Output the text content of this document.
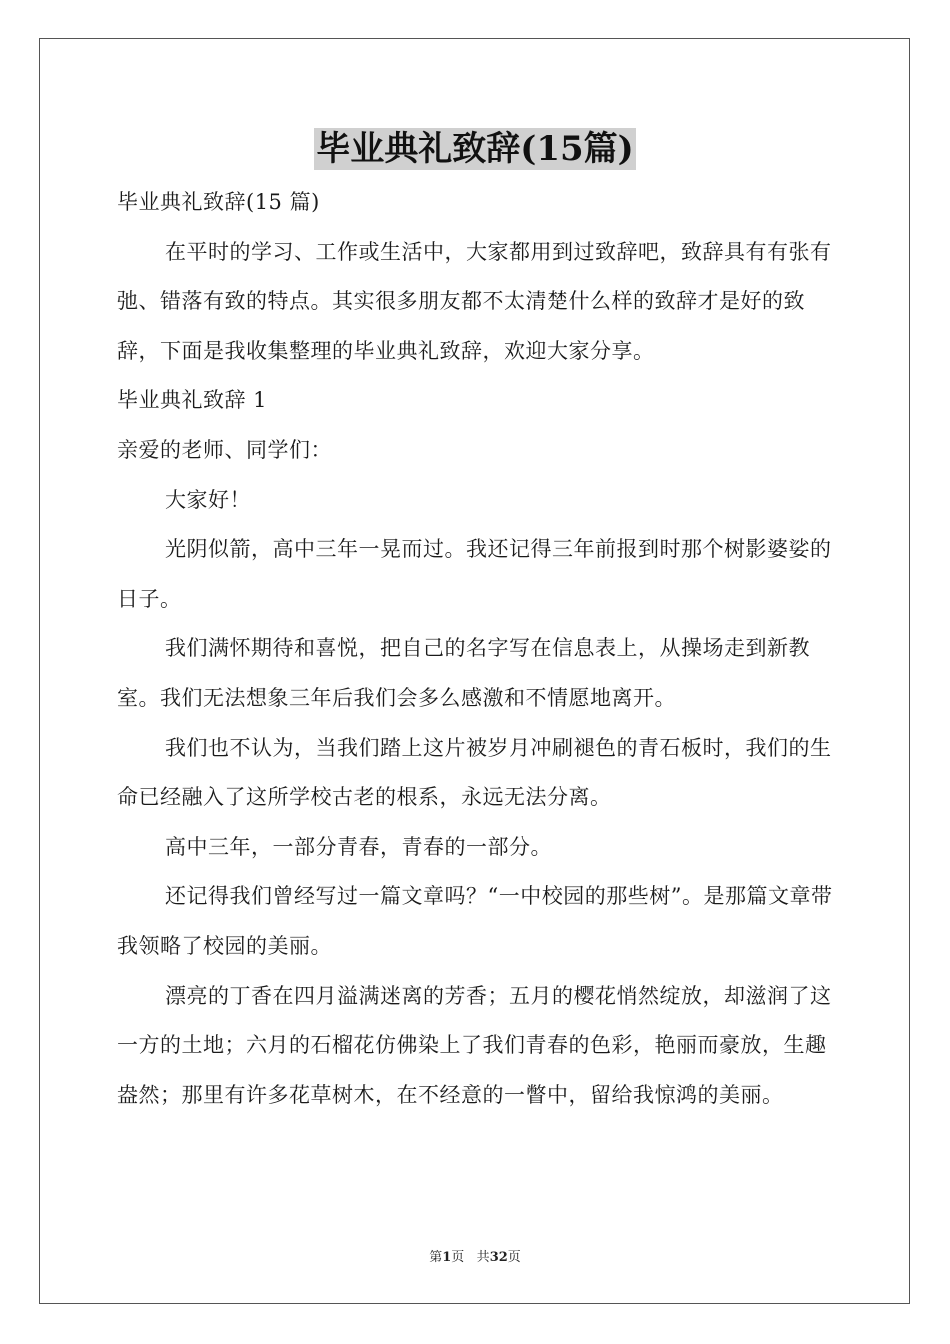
毕业典礼致辞(15篇)

毕业典礼致辞(15 篇)

在平时的学习、工作或生活中，大家都用到过致辞吧，致辞具有有张有弛、错落有致的特点。其实很多朋友都不太清楚什么样的致辞才是好的致辞，下面是我收集整理的毕业典礼致辞，欢迎大家分享。

毕业典礼致辞 1

亲爱的老师、同学们：

大家好！

光阴似箭，高中三年一晃而过。我还记得三年前报到时那个树影婆娑的日子。

我们满怀期待和喜悦，把自己的名字写在信息表上，从操场走到新教室。我们无法想象三年后我们会多么感激和不情愿地离开。

我们也不认为，当我们踏上这片被岁月冲刷褪色的青石板时，我们的生命已经融入了这所学校古老的根系，永远无法分离。

高中三年，一部分青春，青春的一部分。

还记得我们曾经写过一篇文章吗？“一中校园的那些树”。是那篇文章带我领略了校园的美丽。

漂亮的丁香在四月溢满迷离的芳香；五月的樱花悄然绽放，却滋润了这一方的土地；六月的石榴花仿佛染上了我们青春的色彩，艳丽而豪放，生趣盎然；那里有许多花草树木，在不经意的一瞥中，留给我惊鸿的美丽。

第1页 共32页
